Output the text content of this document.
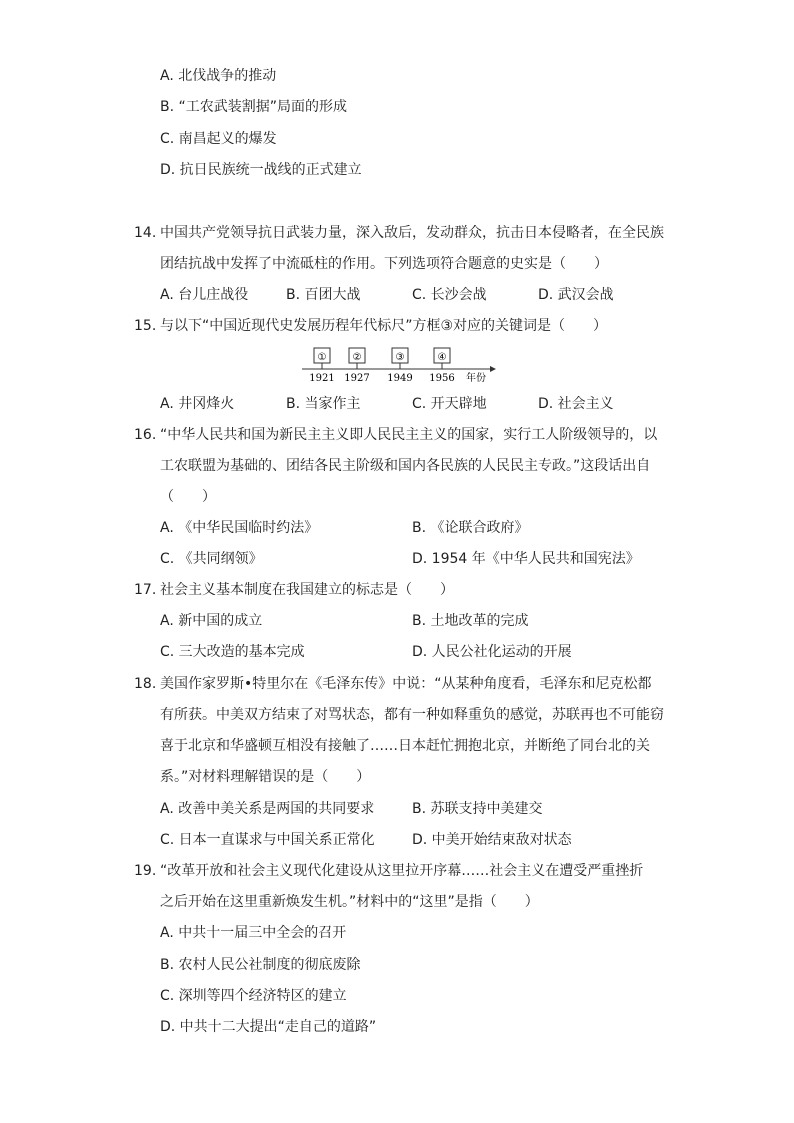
A. 北伐战争的推动
B. “工农武装割据”局面的形成
C. 南昌起义的爆发
D. 抗日民族统一战线的正式建立
14. 中国共产党领导抗日武装力量，深入敌后，发动群众，抗击日本侵略者，在全民族
团结抗战中发挥了中流砥柱的作用。下列选项符合题意的史实是（　　）
A. 台儿庄战役	B. 百团大战	C. 长沙会战	D. 武汉会战
15. 与以下“中国近现代史发展历程年代标尺”方框③对应的关键词是（　　）
①
1921
②
1927
③
1949
④
1956 年份
A. 井冈烽火	B. 当家作主	C. 开天辟地	D. 社会主义
16. “中华人民共和国为新民主主义即人民民主主义的国家，实行工人阶级领导的，以
工农联盟为基础的、团结各民主阶级和国内各民族的人民民主专政。”这段话出自
（　　）
A. 《中华民国临时约法》	B. 《论联合政府》
C. 《共同纲领》	D. 1954 年《中华人民共和国宪法》
17. 社会主义基本制度在我国建立的标志是（　　）
A. 新中国的成立	B. 土地改革的完成
C. 三大改造的基本完成	D. 人民公社化运动的开展
18. 美国作家罗斯•特里尔在《毛泽东传》中说：“从某种角度看，毛泽东和尼克松都
有所获。中美双方结束了对骂状态，都有一种如释重负的感觉，苏联再也不可能窃
喜于北京和华盛顿互相没有接触了……日本赶忙拥抱北京，并断绝了同台北的关
系。”对材料理解错误的是（　　）
A. 改善中美关系是两国的共同要求	B. 苏联支持中美建交
C. 日本一直谋求与中国关系正常化	D. 中美开始结束敌对状态
19. “改革开放和社会主义现代化建设从这里拉开序幕……社会主义在遭受严重挫折
之后开始在这里重新焕发生机。”材料中的“这里”是指（　　）
A. 中共十一届三中全会的召开
B. 农村人民公社制度的彻底废除
C. 深圳等四个经济特区的建立
D. 中共十二大提出“走自己的道路”
